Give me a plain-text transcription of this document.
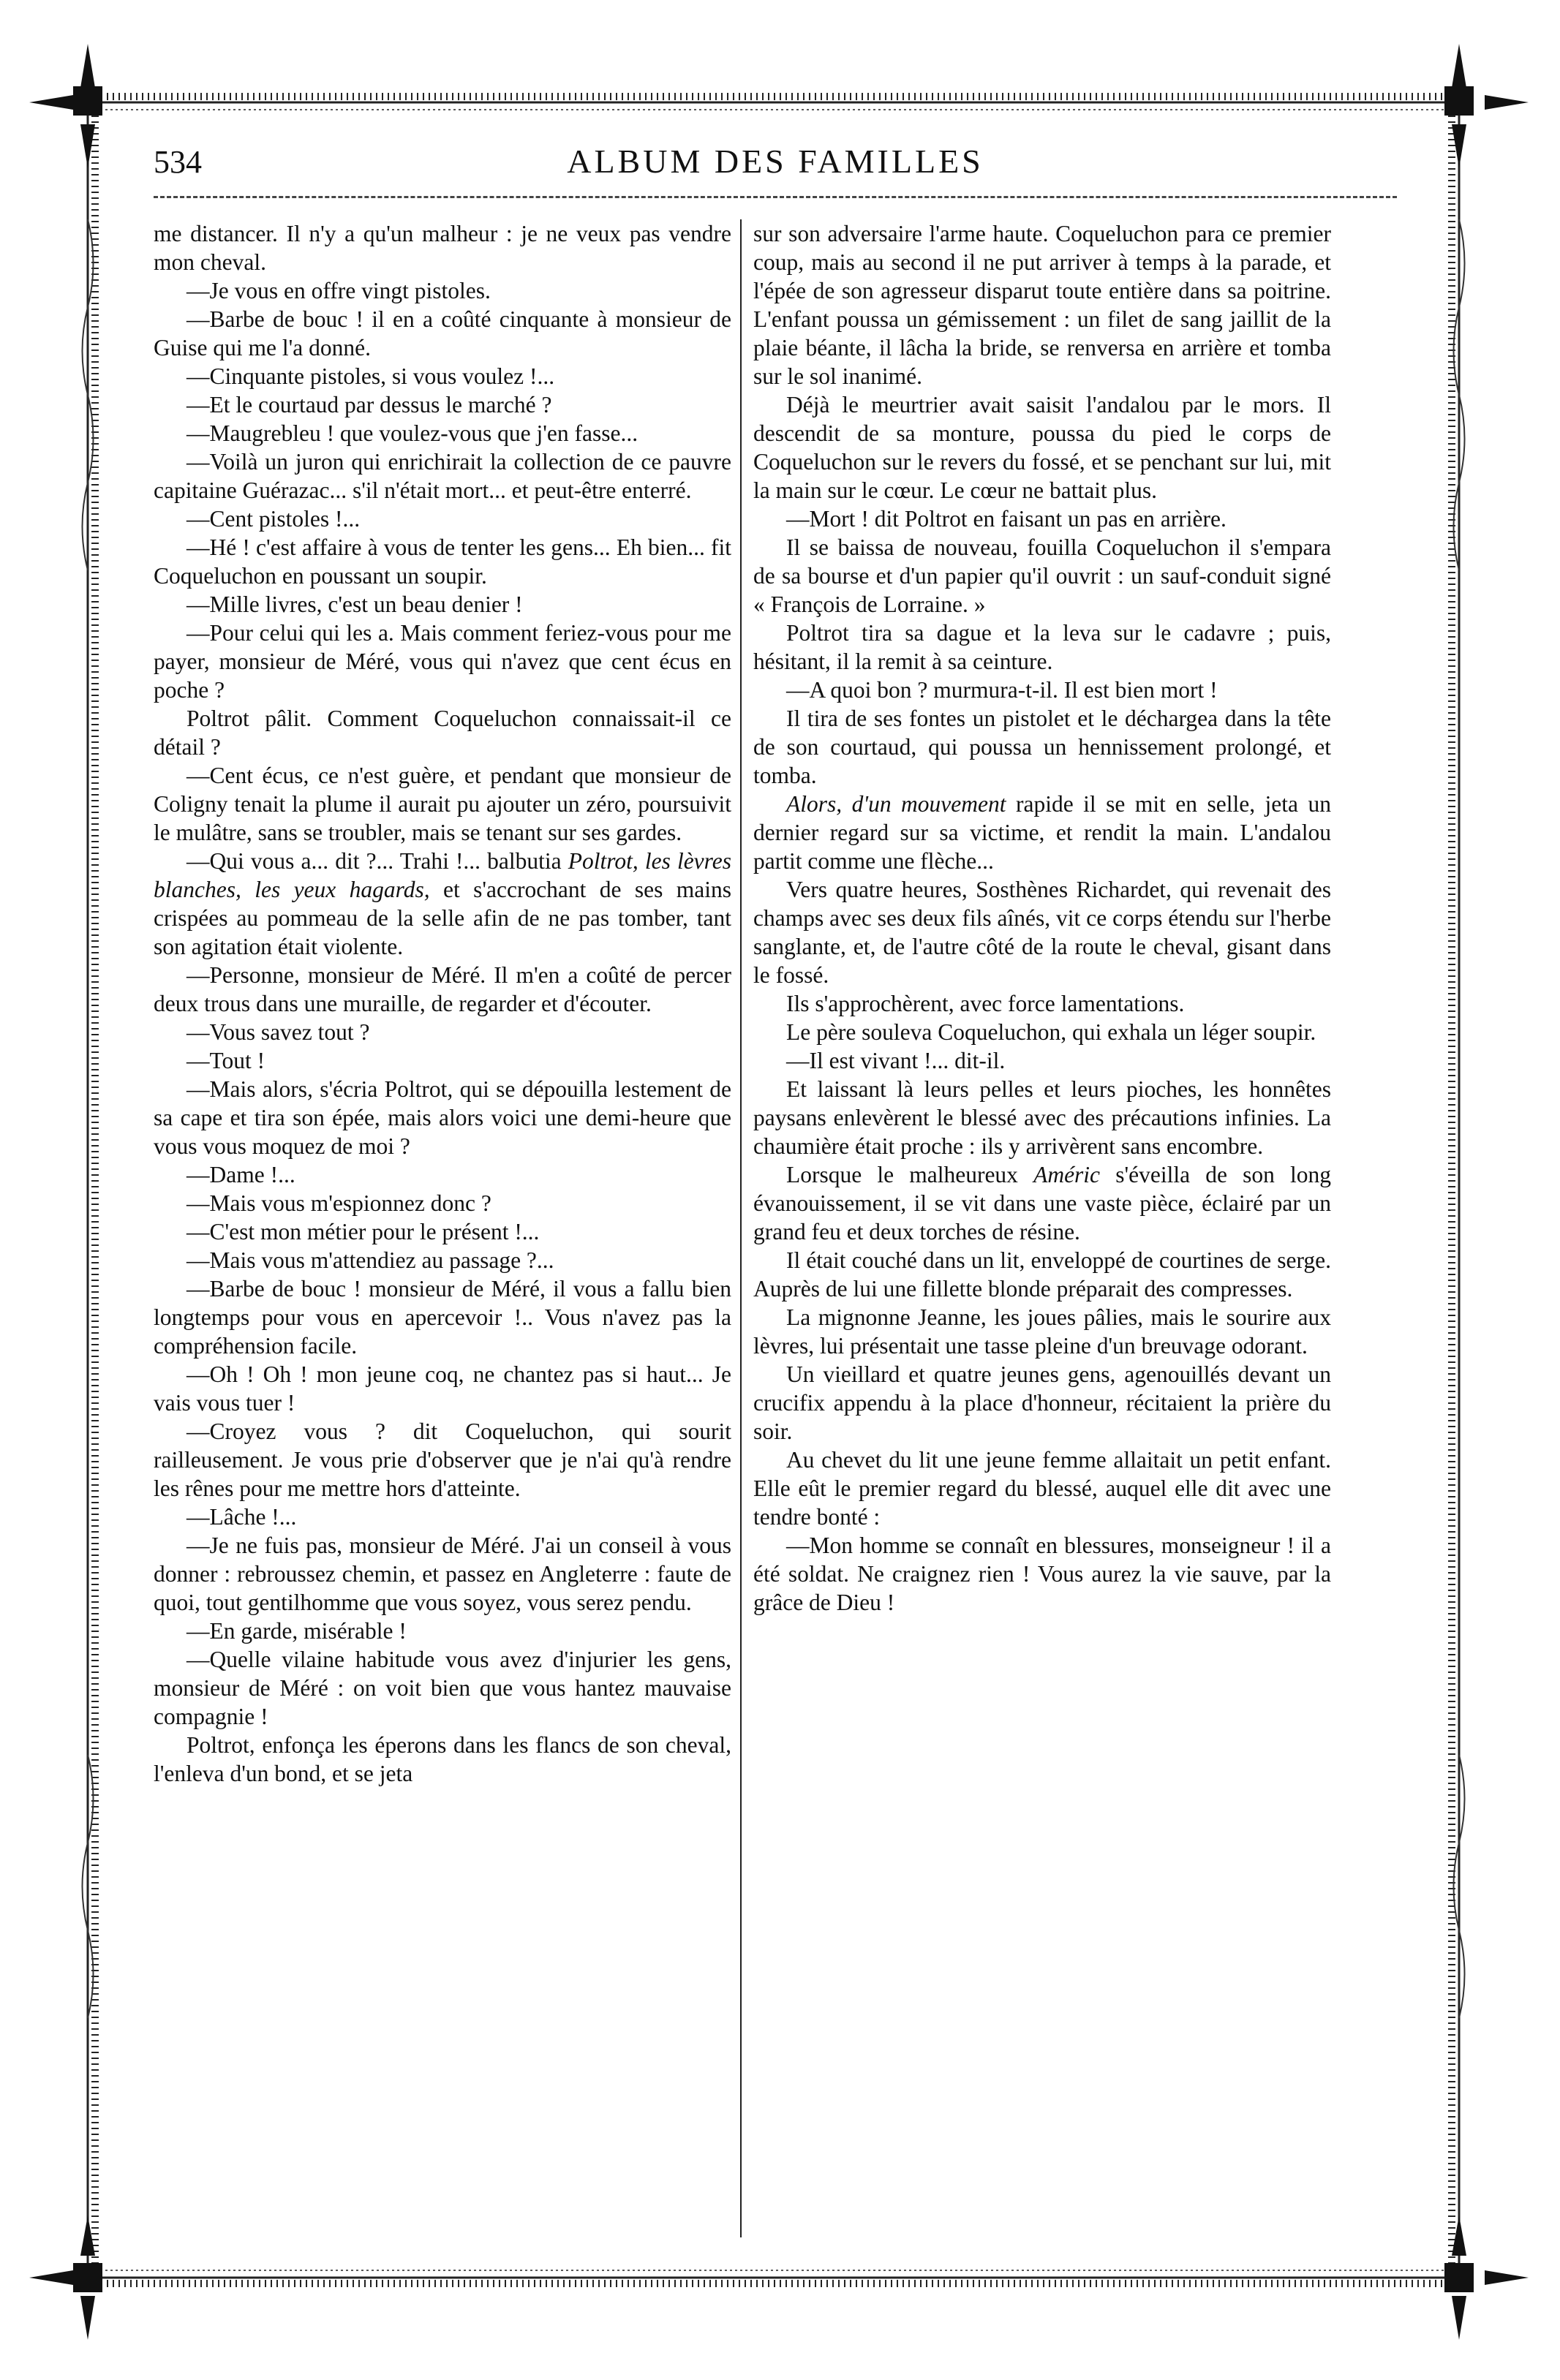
534	ALBUM DES FAMILLES

me distancer. Il n'y a qu'un malheur : je ne veux pas vendre mon cheval.

—Je vous en offre vingt pistoles.

—Barbe de bouc ! il en a coûté cinquante à monsieur de Guise qui me l'a donné.

—Cinquante pistoles, si vous voulez !...

—Et le courtaud par dessus le marché ?

—Maugrebleu ! que voulez-vous que j'en fasse...

—Voilà un juron qui enrichirait la collection de ce pauvre capitaine Guérazac... s'il n'était mort... et peut-être enterré.

—Cent pistoles !...

—Hé ! c'est affaire à vous de tenter les gens... Eh bien... fit Coqueluchon en poussant un soupir.

—Mille livres, c'est un beau denier !

—Pour celui qui les a. Mais comment feriez-vous pour me payer, monsieur de Méré, vous qui n'avez que cent écus en poche ?

Poltrot pâlit. Comment Coqueluchon connaissait-il ce détail ?

—Cent écus, ce n'est guère, et pendant que monsieur de Coligny tenait la plume il aurait pu ajouter un zéro, poursuivit le mulâtre, sans se troubler, mais se tenant sur ses gardes.

—Qui vous a... dit ?... Trahi !... balbutia Poltrot, les lèvres blanches, les yeux hagards, et s'accrochant de ses mains crispées au pommeau de la selle afin de ne pas tomber, tant son agitation était violente.

—Personne, monsieur de Méré. Il m'en a coûté de percer deux trous dans une muraille, de regarder et d'écouter.

—Vous savez tout ?

—Tout !

—Mais alors, s'écria Poltrot, qui se dépouilla lestement de sa cape et tira son épée, mais alors voici une demi-heure que vous vous moquez de moi ?

—Dame !...

—Mais vous m'espionnez donc ?

—C'est mon métier pour le présent !...

—Mais vous m'attendiez au passage ?...

—Barbe de bouc ! monsieur de Méré, il vous a fallu bien longtemps pour vous en apercevoir !.. Vous n'avez pas la compréhension facile.

—Oh ! Oh ! mon jeune coq, ne chantez pas si haut... Je vais vous tuer !

—Croyez vous ? dit Coqueluchon, qui sourit railleusement. Je vous prie d'observer que je n'ai qu'à rendre les rênes pour me mettre hors d'atteinte.

—Lâche !...

—Je ne fuis pas, monsieur de Méré. J'ai un conseil à vous donner : rebroussez chemin, et passez en Angleterre : faute de quoi, tout gentilhomme que vous soyez, vous serez pendu.

—En garde, misérable !

—Quelle vilaine habitude vous avez d'injurier les gens, monsieur de Méré : on voit bien que vous hantez mauvaise compagnie !

Poltrot, enfonça les éperons dans les flancs de son cheval, l'enleva d'un bond, et se jeta

sur son adversaire l'arme haute. Coqueluchon para ce premier coup, mais au second il ne put arriver à temps à la parade, et l'épée de son agresseur disparut toute entière dans sa poitrine. L'enfant poussa un gémissement : un filet de sang jaillit de la plaie béante, il lâcha la bride, se renversa en arrière et tomba sur le sol inanimé.

Déjà le meurtrier avait saisit l'andalou par le mors. Il descendit de sa monture, poussa du pied le corps de Coqueluchon sur le revers du fossé, et se penchant sur lui, mit la main sur le cœur. Le cœur ne battait plus.

—Mort ! dit Poltrot en faisant un pas en arrière.

Il se baissa de nouveau, fouilla Coqueluchon il s'empara de sa bourse et d'un papier qu'il ouvrit : un sauf-conduit signé « François de Lorraine. »

Poltrot tira sa dague et la leva sur le cadavre ; puis, hésitant, il la remit à sa ceinture.

—A quoi bon ? murmura-t-il. Il est bien mort !

Il tira de ses fontes un pistolet et le déchargea dans la tête de son courtaud, qui poussa un hennissement prolongé, et tomba.

Alors, d'un mouvement rapide il se mit en selle, jeta un dernier regard sur sa victime, et rendit la main. L'andalou partit comme une flèche...

Vers quatre heures, Sosthènes Richardet, qui revenait des champs avec ses deux fils aînés, vit ce corps étendu sur l'herbe sanglante, et, de l'autre côté de la route le cheval, gisant dans le fossé.

Ils s'approchèrent, avec force lamentations.

Le père souleva Coqueluchon, qui exhala un léger soupir.

—Il est vivant !... dit-il.

Et laissant là leurs pelles et leurs pioches, les honnêtes paysans enlevèrent le blessé avec des précautions infinies. La chaumière était proche : ils y arrivèrent sans encombre.

Lorsque le malheureux Améric s'éveilla de son long évanouissement, il se vit dans une vaste pièce, éclairé par un grand feu et deux torches de résine.

Il était couché dans un lit, enveloppé de courtines de serge. Auprès de lui une fillette blonde préparait des compresses.

La mignonne Jeanne, les joues pâlies, mais le sourire aux lèvres, lui présentait une tasse pleine d'un breuvage odorant.

Un vieillard et quatre jeunes gens, agenouillés devant un crucifix appendu à la place d'honneur, récitaient la prière du soir.

Au chevet du lit une jeune femme allaitait un petit enfant. Elle eût le premier regard du blessé, auquel elle dit avec une tendre bonté :

—Mon homme se connaît en blessures, monseigneur ! il a été soldat. Ne craignez rien ! Vous aurez la vie sauve, par la grâce de Dieu !
